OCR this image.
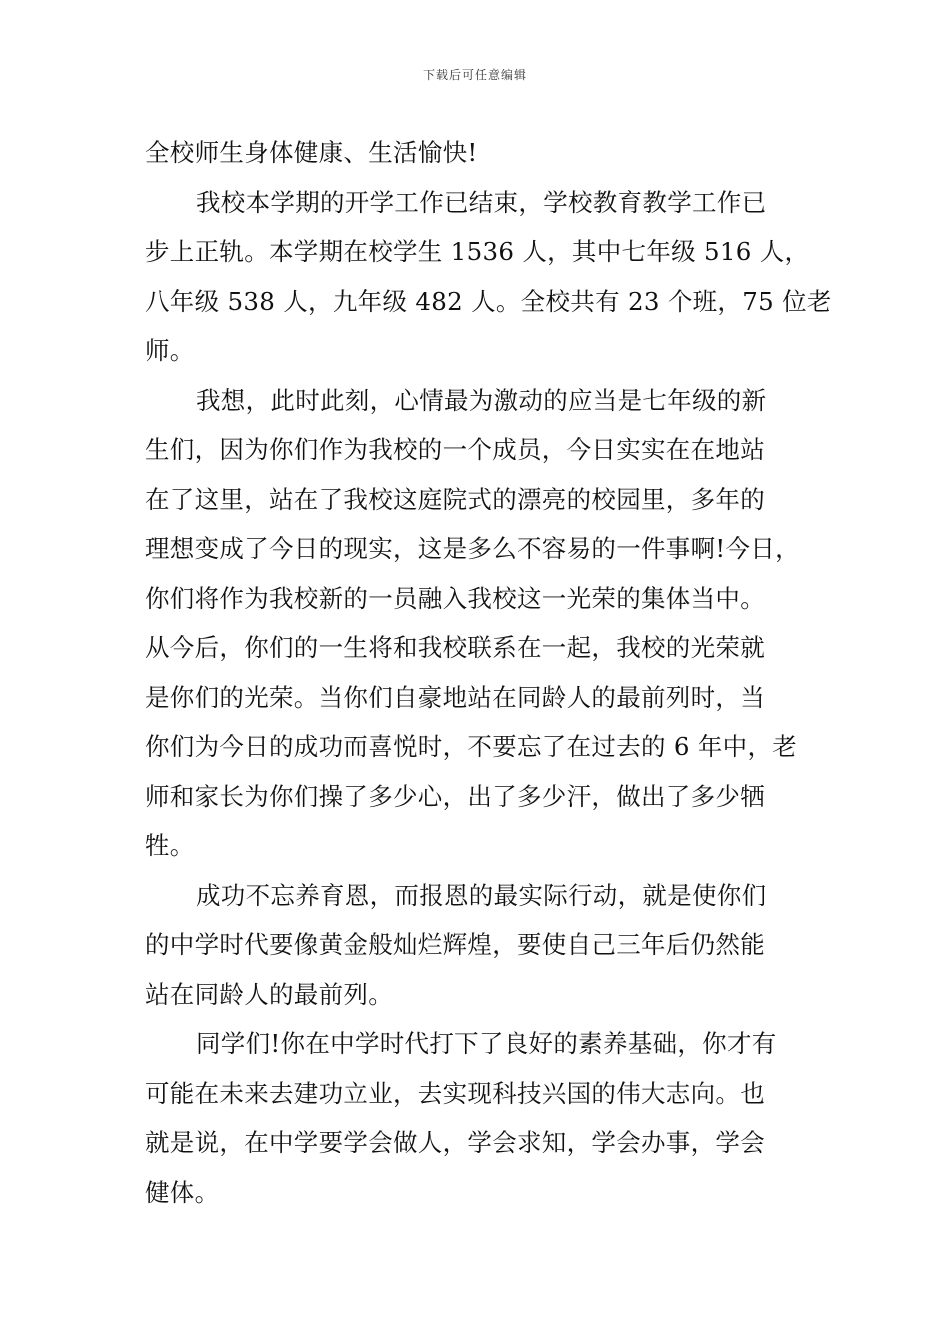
下载后可任意编辑
全校师生身体健康、生活愉快!
我校本学期的开学工作已结束，学校教育教学工作已
步上正轨。本学期在校学生 1536 人，其中七年级 516 人，
八年级 538 人，九年级 482 人。全校共有 23 个班，75 位老
师。
我想，此时此刻，心情最为激动的应当是七年级的新
生们，因为你们作为我校的一个成员，今日实实在在地站
在了这里，站在了我校这庭院式的漂亮的校园里，多年的
理想变成了今日的现实，这是多么不容易的一件事啊!今日，
你们将作为我校新的一员融入我校这一光荣的集体当中。
从今后，你们的一生将和我校联系在一起，我校的光荣就
是你们的光荣。当你们自豪地站在同龄人的最前列时，当
你们为今日的成功而喜悦时，不要忘了在过去的 6 年中，老
师和家长为你们操了多少心，出了多少汗，做出了多少牺
牲。
成功不忘养育恩，而报恩的最实际行动，就是使你们
的中学时代要像黄金般灿烂辉煌，要使自己三年后仍然能
站在同龄人的最前列。
同学们!你在中学时代打下了良好的素养基础，你才有
可能在未来去建功立业，去实现科技兴国的伟大志向。也
就是说，在中学要学会做人，学会求知，学会办事，学会
健体。
